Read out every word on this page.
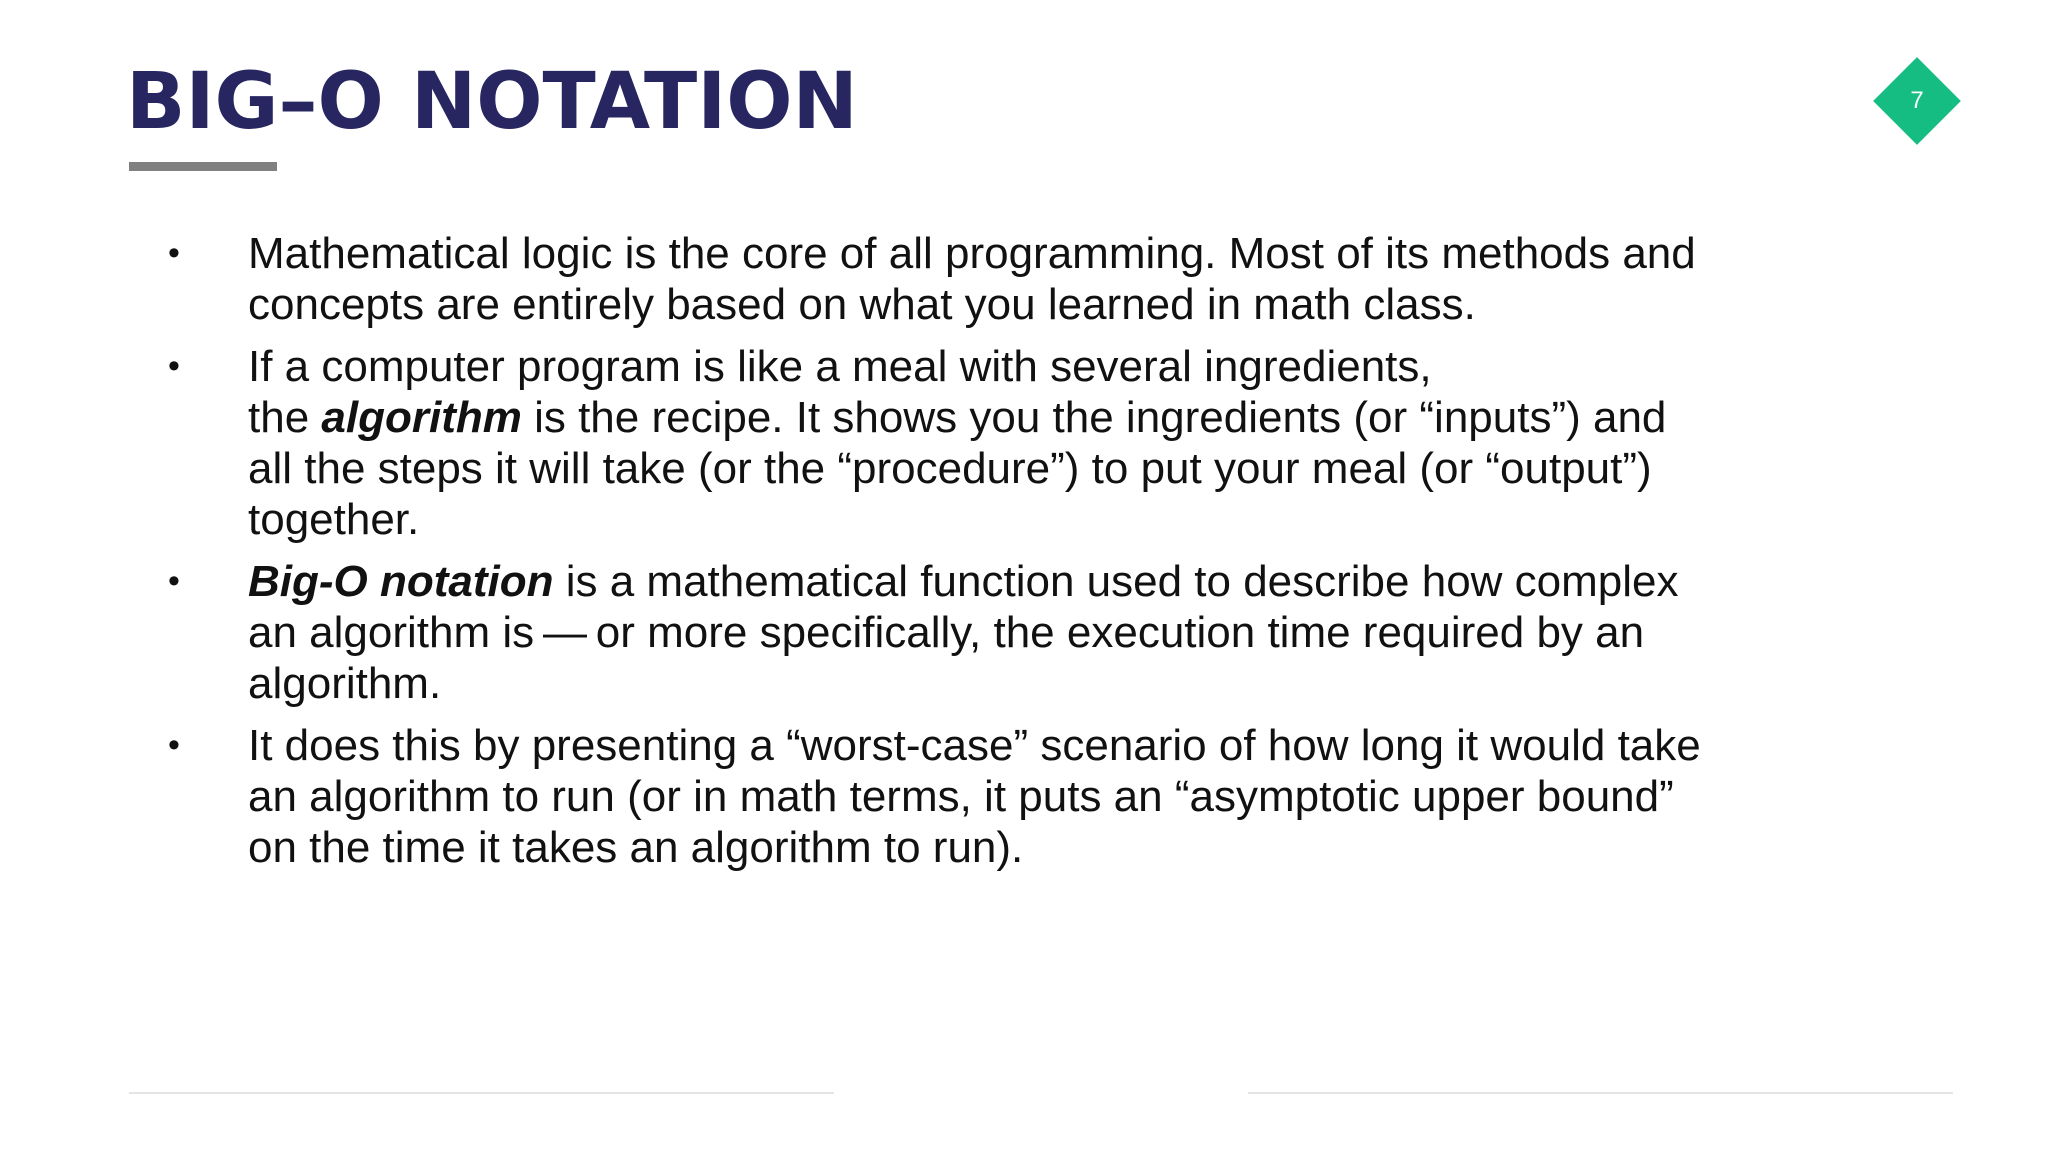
BIG–O NOTATION	7
• Mathematical logic is the core of all programming. Most of its methods and
concepts are entirely based on what you learned in math class.
• If a computer program is like a meal with several ingredients,
the algorithm is the recipe. It shows you the ingredients (or “inputs”) and
all the steps it will take (or the “procedure”) to put your meal (or “output”)
together.
• Big-O notation is a mathematical function used to describe how complex
an algorithm is — or more specifically, the execution time required by an
algorithm.
• It does this by presenting a “worst-case” scenario of how long it would take
an algorithm to run (or in math terms, it puts an “asymptotic upper bound”
on the time it takes an algorithm to run).
